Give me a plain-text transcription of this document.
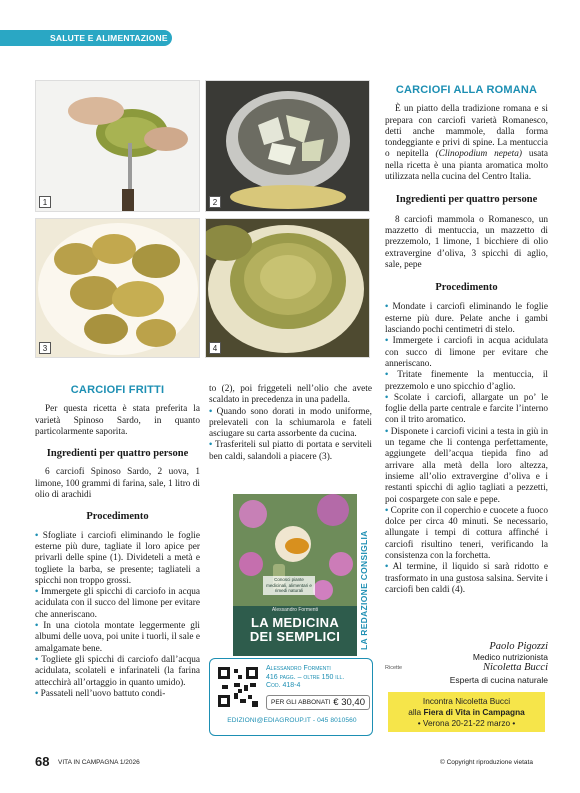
SALUTE E ALIMENTAZIONE
1	2
3	4
CARCIOFI FRITTI

Per questa ricetta è stata preferita la varietà Spinoso Sardo, in quanto particolarmente saporita.

Ingredienti per quattro persone

6 carciofi Spinoso Sardo, 2 uova, 1 limone, 100 grammi di farina, sale, 1 litro di olio di arachidi

Procedimento

• Sfogliate i carciofi eliminando le foglie esterne più dure, tagliate il loro apice per privarli delle spine (1). Divideteli a metà e togliete la barba, se presente; tagliateli a spicchi non troppo grossi.

• Immergete gli spicchi di carciofo in acqua acidulata con il succo del limone per evitare che anneriscano.

• In una ciotola montate leggermente gli albumi delle uova, poi unite i tuorli, il sale e amalgamate bene.

• Togliete gli spicchi di carciofo dall’acqua acidulata, scolateli e infarinateli (la farina attecchirà all’ortaggio in quanto umido).

• Passateli nell’uovo battuto condi-

to (2), poi friggeteli nell’olio che avete scaldato in precedenza in una padella.

• Quando sono dorati in modo uniforme, prelevateli con la schiumarola e fateli asciugare su carta assorbente da cucina.

• Trasferiteli sul piatto di portata e serviteli ben caldi, salandoli a piacere (3).

LA REDAZIONE CONSIGLIA
Conosci piante medicinali, alimentari e rimedi naturali
Alessandro Formenti
LA MEDICINA
DEI SEMPLICI
Alessandro Formenti
416 pagg. – oltre 150 ill.
Cod. 418-4
PER GLI ABBONATI € 30,40
EDIZIONI@EDIAGROUP.IT - 045 8010560
CARCIOFI ALLA ROMANA

È un piatto della tradizione romana e si prepara con carciofi varietà Romanesco, detti anche mammole, dalla forma tondeggiante e privi di spine. La mentuccia o nepitella (Clinopodium nepeta) usata nella ricetta è una pianta aromatica molto utilizzata nella cucina del Centro Italia.

Ingredienti per quattro persone

8 carciofi mammola o Romanesco, un mazzetto di mentuccia, un mazzetto di prezzemolo, 1 limone, 1 bicchiere di olio extravergine d’oliva, 3 spicchi di aglio, sale, pepe

Procedimento

• Mondate i carciofi eliminando le foglie esterne più dure. Pelate anche i gambi lasciando pochi centimetri di stelo.

• Immergete i carciofi in acqua acidulata con succo di limone per evitare che anneriscano.

• Tritate finemente la mentuccia, il prezzemolo e uno spicchio d’aglio.

• Scolate i carciofi, allargate un po’ le foglie della parte centrale e farcite l’interno con il trito aromatico.

• Disponete i carciofi vicini a testa in giù in un tegame che li contenga perfettamente, aggiungete dell’acqua tiepida fino ad arrivare alla metà della loro altezza, insieme all’olio extravergine d’oliva e i restanti spicchi di aglio tagliati a pezzetti, poi cospargete con sale e pepe.

• Coprite con il coperchio e cuocete a fuoco dolce per circa 40 minuti. Se necessario, allungate i tempi di cottura affinché i carciofi risultino teneri, verificando la consistenza con la forchetta.

• Al termine, il liquido si sarà ridotto e trasformato in una gustosa salsina. Servite i carciofi ben caldi (4).

Paolo Pigozzi
Medico nutrizionista
Ricette	Nicoletta Bucci
Esperta di cucina naturale
Incontra Nicoletta Bucci
alla Fiera di Vita in Campagna
• Verona 20-21-22 marzo •
68 VITA IN CAMPAGNA 1/2026	© Copyright riproduzione vietata
